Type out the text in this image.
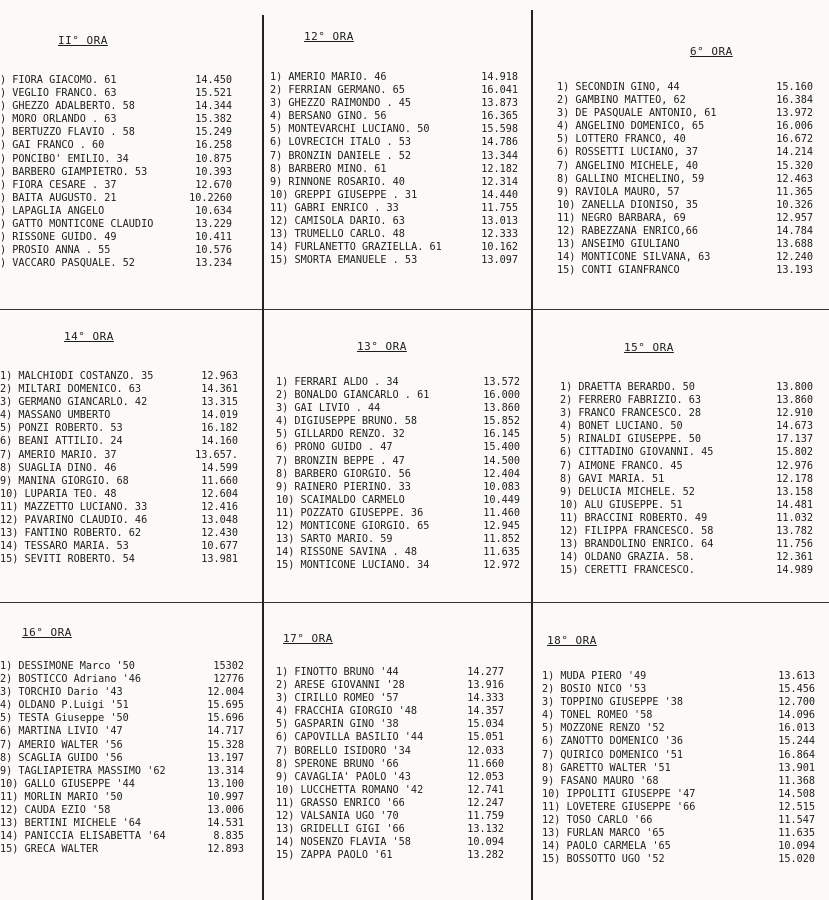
II° ORA
) FIORA GIACOMO. 61	14.450
) VEGLIO FRANCO. 63	15.521
) GHEZZO ADALBERTO. 58	14.344
) MORO ORLANDO . 63	15.382
) BERTUZZO FLAVIO . 58	15.249
) GAI FRANCO . 60	16.258
) PONCIBO' EMILIO. 34	10.875
) BARBERO GIAMPIETRO. 53	10.393
) FIORA CESARE . 37	12.670
) BAITA AUGUSTO. 21	10.2260
) LAPAGLIA ANGELO	10.634
) GATTO MONTICONE CLAUDIO	13.229
) RISSONE GUIDO. 49	10.411
) PROSIO ANNA . 55	10.576
) VACCARO PASQUALE. 52	13.234
12° ORA
1) AMERIO MARIO. 46	14.918
2) FERRIAN GERMANO. 65	16.041
3) GHEZZO RAIMONDO . 45	13.873
4) BERSANO GINO. 56	16.365
5) MONTEVARCHI LUCIANO. 50	15.598
6) LOVRECICH ITALO . 53	14.786
7) BRONZIN DANIELE . 52	13.344
8) BARBERO MINO. 61	12.182
9) RINNONE ROSARIO. 40	12.314
10) GREPPI GIUSEPPE . 31	14.440
11) GABRI ENRICO . 33	11.755
12) CAMISOLA DARIO. 63	13.013
13) TRUMELLO CARLO. 48	12.333
14) FURLANETTO GRAZIELLA. 61	10.162
15) SMORTA EMANUELE . 53	13.097
6° ORA
1) SECONDIN GINO, 44	15.160
2) GAMBINO MATTEO, 62	16.384
3) DE PASQUALE ANTONIO, 61	13.972
4) ANGELINO DOMENICO, 65	16.006
5) LOTTERO FRANCO, 40	16.672
6) ROSSETTI LUCIANO, 37	14.214
7) ANGELINO MICHELE, 40	15.320
8) GALLINO MICHELINO, 59	12.463
9) RAVIOLA MAURO, 57	11.365
10) ZANELLA DIONISO, 35	10.326
11) NEGRO BARBARA, 69	12.957
12) RABEZZANA ENRICO,66	14.784
13) ANSEIMO GIULIANO	13.688
14) MONTICONE SILVANA, 63	12.240
15) CONTI GIANFRANCO	13.193
14° ORA
1) MALCHIODI COSTANZO. 35	12.963
2) MILTARI DOMENICO. 63	14.361
3) GERMANO GIANCARLO. 42	13.315
4) MASSANO UMBERTO	14.019
5) PONZI ROBERTO. 53	16.182
6) BEANI ATTILIO. 24	14.160
7) AMERIO MARIO. 37	13.657.
8) SUAGLIA DINO. 46	14.599
9) MANINA GIORGIO. 68	11.660
10) LUPARIA TEO. 48	12.604
11) MAZZETTO LUCIANO. 33	12.416
12) PAVARINO CLAUDIO. 46	13.048
13) FANTINO ROBERTO. 62	12.430
14) TESSARO MARIA. 53	10.677
15) SEVITI ROBERTO. 54	13.981
13° ORA
1) FERRARI ALDO . 34	13.572
2) BONALDO GIANCARLO . 61	16.000
3) GAI LIVIO . 44	13.860
4) DIGIUSEPPE BRUNO. 58	15.852
5) GILLARDO RENZO. 32	16.145
6) PRONO GUIDO . 47	15.400
7) BRONZIN BEPPE . 47	14.500
8) BARBERO GIORGIO. 56	12.404
9) RAINERO PIERINO. 33	10.083
10) SCAIMALDO CARMELO	10.449
11) POZZATO GIUSEPPE. 36	11.460
12) MONTICONE GIORGIO. 65	12.945
13) SARTO MARIO. 59	11.852
14) RISSONE SAVINA . 48	11.635
15) MONTICONE LUCIANO. 34	12.972
15° ORA
1) DRAETTA BERARDO. 50	13.800
2) FERRERO FABRIZIO. 63	13.860
3) FRANCO FRANCESCO. 28	12.910
4) BONET LUCIANO. 50	14.673
5) RINALDI GIUSEPPE. 50	17.137
6) CITTADINO GIOVANNI. 45	15.802
7) AIMONE FRANCO. 45	12.976
8) GAVI MARIA. 51	12.178
9) DELUCIA MICHELE. 52	13.158
10) ALU GIUSEPPE. 51	14.481
11) BRACCINI ROBERTO. 49	11.032
12) FILIPPA FRANCESCO. 58	13.782
13) BRANDOLINO ENRICO. 64	11.756
14) OLDANO GRAZIA. 58.	12.361
15) CERETTI FRANCESCO.	14.989
16° ORA
1) DESSIMONE Marco '50	15302
2) BOSTICCO Adriano '46	12776
3) TORCHIO Dario '43	12.004
4) OLDANO P.Luigi '51	15.695
5) TESTA Giuseppe '50	15.696
6) MARTINA LIVIO '47	14.717
7) AMERIO WALTER '56	15.328
8) SCAGLIA GUIDO '56	13.197
9) TAGLIAPIETRA MASSIMO '62	13.314
10) GALLO GIUSEPPE '44	13.100
11) MORLIN MARIO '50	10.997
12) CAUDA EZIO '58	13.006
13) BERTINI MICHELE '64	14.531
14) PANICCIA ELISABETTA '64	8.835
15) GRECA WALTER	12.893
17° ORA
1) FINOTTO BRUNO '44	14.277
2) ARESE GIOVANNI '28	13.916
3) CIRILLO ROMEO '57	14.333
4) FRACCHIA GIORGIO '48	14.357
5) GASPARIN GINO '38	15.034
6) CAPOVILLA BASILIO '44	15.051
7) BORELLO ISIDORO '34	12.033
8) SPERONE BRUNO '66	11.660
9) CAVAGLIA' PAOLO '43	12.053
10) LUCCHETTA ROMANO '42	12.741
11) GRASSO ENRICO '66	12.247
12) VALSANIA UGO '70	11.759
13) GRIDELLI GIGI '66	13.132
14) NOSENZO FLAVIA '58	10.094
15) ZAPPA PAOLO '61	13.282
18° ORA
1) MUDA PIERO '49	13.613
2) BOSIO NICO '53	15.456
3) TOPPINO GIUSEPPE '38	12.700
4) TONEL ROMEO '58	14.096
5) MOZZONE RENZO '52	16.013
6) ZANOTTO DOMENICO '36	15.244
7) QUIRICO DOMENICO '51	16.864
8) GARETTO WALTER '51	13.901
9) FASANO MAURO '68	11.368
10) IPPOLITI GIUSEPPE '47	14.508
11) LOVETERE GIUSEPPE '66	12.515
12) TOSO CARLO '66	11.547
13) FURLAN MARCO '65	11.635
14) PAOLO CARMELA '65	10.094
15) BOSSOTTO UGO '52	15.020
